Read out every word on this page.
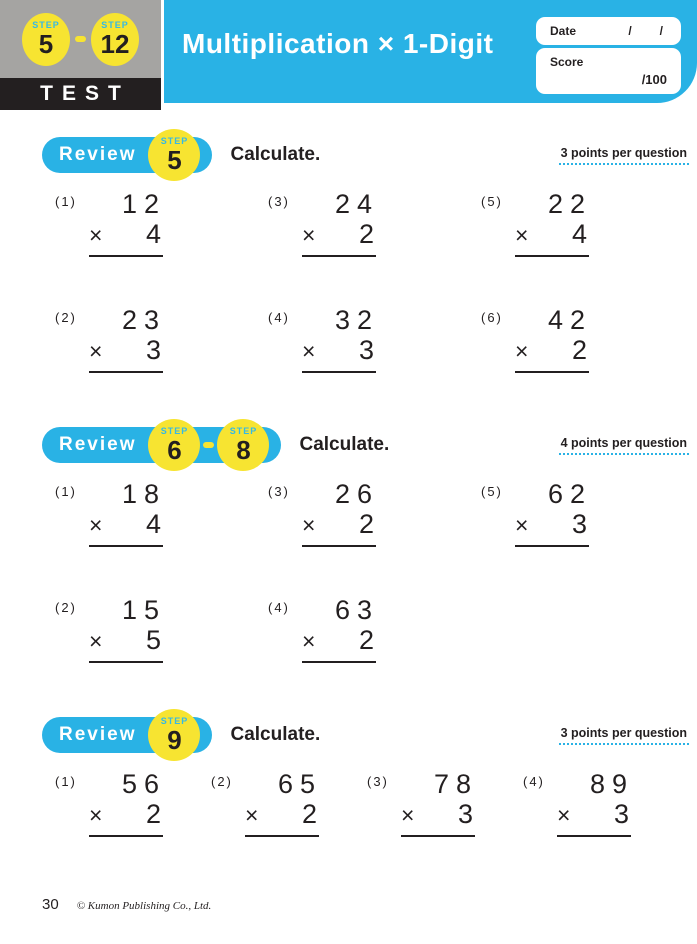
Multiplication × 1-Digit	Date	/ /
Score
/100
STEP
5
STEP
12
TEST
Review
STEP
5	Calculate.	3 points per question
(1)	12
× 4
(3)	24
× 2
(5)	22
× 4
(2)	23
× 3
(4)	32
× 3
(6)	42
× 2
Review
STEP
6
STEP
8	Calculate.	4 points per question
(1)	18
× 4
(3)	26
× 2
(5)	62
× 3
(2)	15
× 5
(4)	63
× 2
Review
STEP
9	Calculate.	3 points per question
(1)	56
× 2
(2)	65
× 2
(3)	78
× 3
(4)	89
× 3
30 © Kumon Publishing Co., Ltd.
